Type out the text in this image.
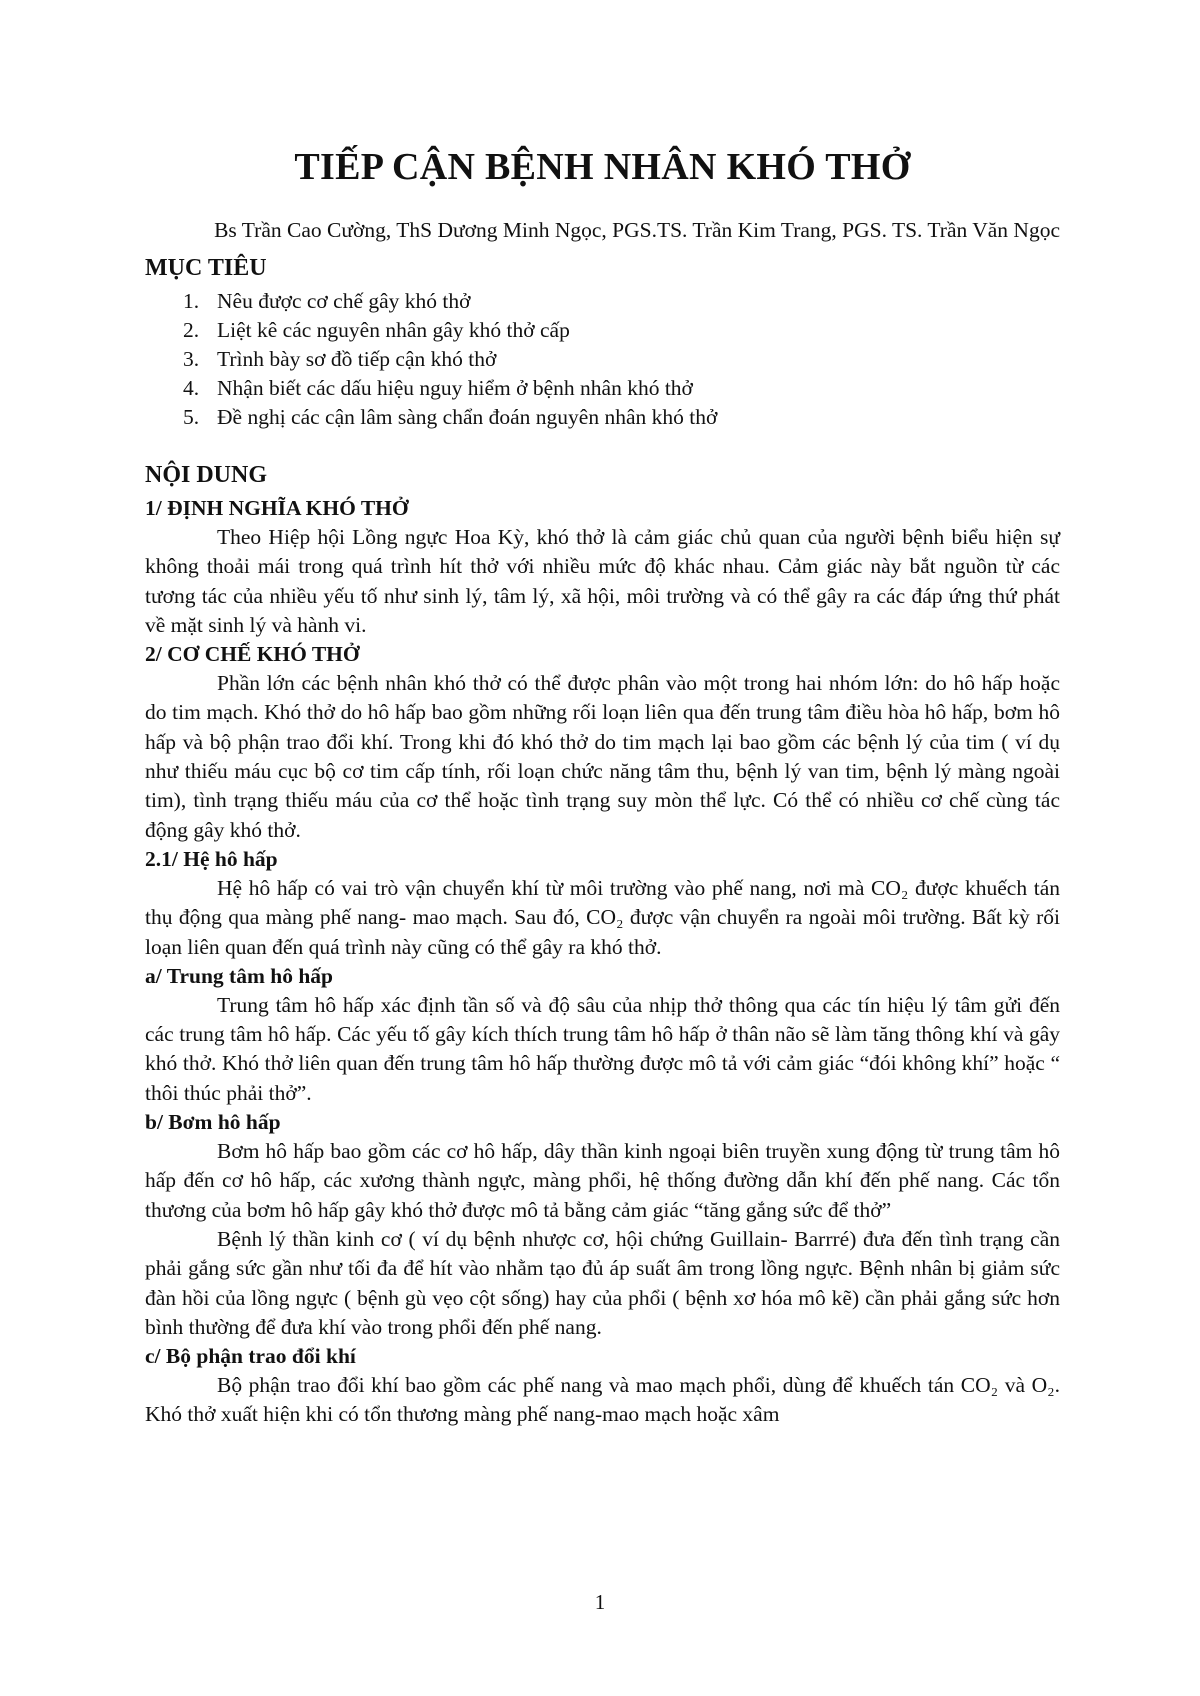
TIẾP CẬN BỆNH NHÂN KHÓ THỞ

Bs Trần Cao Cường, ThS Dương Minh Ngọc, PGS.TS. Trần Kim Trang, PGS. TS. Trần Văn Ngọc

MỤC TIÊU
1. Nêu được cơ chế gây khó thở
2. Liệt kê các nguyên nhân gây khó thở cấp
3. Trình bày sơ đồ tiếp cận khó thở
4. Nhận biết các dấu hiệu nguy hiểm ở bệnh nhân khó thở
5. Đề nghị các cận lâm sàng chẩn đoán nguyên nhân khó thở
NỘI DUNG

1/ ĐỊNH NGHĨA KHÓ THỞ

Theo Hiệp hội Lồng ngực Hoa Kỳ, khó thở là cảm giác chủ quan của người bệnh biểu hiện sự không thoải mái trong quá trình hít thở với nhiều mức độ khác nhau. Cảm giác này bắt nguồn từ các tương tác của nhiều yếu tố như sinh lý, tâm lý, xã hội, môi trường và có thể gây ra các đáp ứng thứ phát về mặt sinh lý và hành vi.

2/ CƠ CHẾ KHÓ THỞ

Phần lớn các bệnh nhân khó thở có thể được phân vào một trong hai nhóm lớn: do hô hấp hoặc do tim mạch. Khó thở do hô hấp bao gồm những rối loạn liên qua đến trung tâm điều hòa hô hấp, bơm hô hấp và bộ phận trao đổi khí. Trong khi đó khó thở do tim mạch lại bao gồm các bệnh lý của tim ( ví dụ như thiếu máu cục bộ cơ tim cấp tính, rối loạn chức năng tâm thu, bệnh lý van tim, bệnh lý màng ngoài tim), tình trạng thiếu máu của cơ thể hoặc tình trạng suy mòn thể lực. Có thể có nhiều cơ chế cùng tác động gây khó thở.

2.1/ Hệ hô hấp

Hệ hô hấp có vai trò vận chuyển khí từ môi trường vào phế nang, nơi mà CO₂ được khuếch tán thụ động qua màng phế nang- mao mạch. Sau đó, CO₂ được vận chuyển ra ngoài môi trường. Bất kỳ rối loạn liên quan đến quá trình này cũng có thể gây ra khó thở.

a/ Trung tâm hô hấp

Trung tâm hô hấp xác định tần số và độ sâu của nhịp thở thông qua các tín hiệu lý tâm gửi đến các trung tâm hô hấp. Các yếu tố gây kích thích trung tâm hô hấp ở thân não sẽ làm tăng thông khí và gây khó thở. Khó thở liên quan đến trung tâm hô hấp thường được mô tả với cảm giác “đói không khí” hoặc “ thôi thúc phải thở”.

b/ Bơm hô hấp

Bơm hô hấp bao gồm các cơ hô hấp, dây thần kinh ngoại biên truyền xung động từ trung tâm hô hấp đến cơ hô hấp, các xương thành ngực, màng phổi, hệ thống đường dẫn khí đến phế nang. Các tổn thương của bơm hô hấp gây khó thở được mô tả bằng cảm giác “tăng gắng sức để thở”

Bệnh lý thần kinh cơ ( ví dụ bệnh nhược cơ, hội chứng Guillain- Barrré) đưa đến tình trạng cần phải gắng sức gần như tối đa để hít vào nhằm tạo đủ áp suất âm trong lồng ngực. Bệnh nhân bị giảm sức đàn hồi của lồng ngực ( bệnh gù vẹo cột sống) hay của phổi ( bệnh xơ hóa mô kẽ) cần phải gắng sức hơn bình thường để đưa khí vào trong phổi đến phế nang.

c/ Bộ phận trao đổi khí

Bộ phận trao đổi khí bao gồm các phế nang và mao mạch phổi, dùng để khuếch tán CO₂ và O₂. Khó thở xuất hiện khi có tổn thương màng phế nang-mao mạch hoặc xâm

1
